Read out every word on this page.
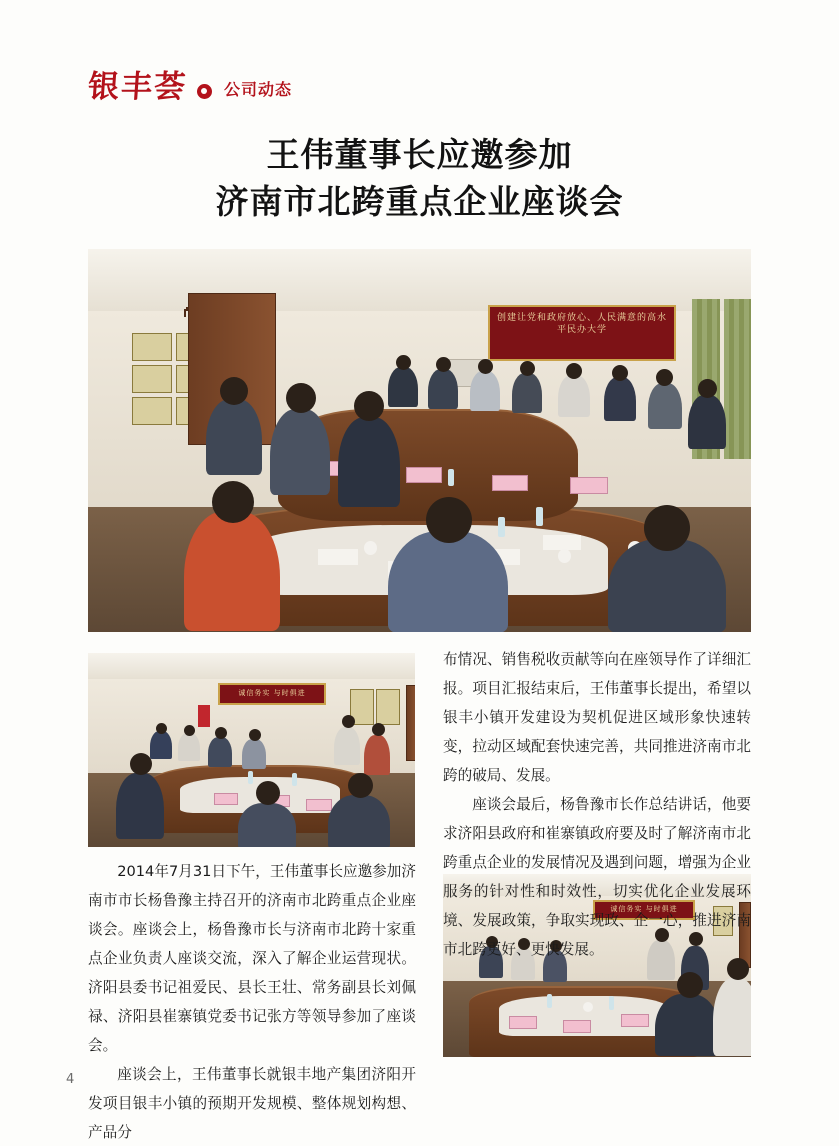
银丰荟 公司动态
王伟董事长应邀参加
济南市北跨重点企业座谈会
创建让党和政府放心、人民满意的高水平民办大学
诚信务实 与时俱进
诚信务实 与时俱进

2014年7月31日下午，王伟董事长应邀参加济南市市长杨鲁豫主持召开的济南市北跨重点企业座谈会。座谈会上，杨鲁豫市长与济南市北跨十家重点企业负责人座谈交流，深入了解企业运营现状。济阳县委书记祖爱民、县长王壮、常务副县长刘佩禄、济阳县崔寨镇党委书记张方等领导参加了座谈会。

座谈会上，王伟董事长就银丰地产集团济阳开发项目银丰小镇的预期开发规模、整体规划构想、产品分

布情况、销售税收贡献等向在座领导作了详细汇报。项目汇报结束后，王伟董事长提出，希望以银丰小镇开发建设为契机促进区域形象快速转变，拉动区域配套快速完善，共同推进济南市北跨的破局、发展。

座谈会最后，杨鲁豫市长作总结讲话，他要求济阳县政府和崔寨镇政府要及时了解济南市北跨重点企业的发展情况及遇到问题，增强为企业服务的针对性和时效性，切实优化企业发展环境、发展政策，争取实现政、企一心，推进济南市北跨更好、更快发展。

4
